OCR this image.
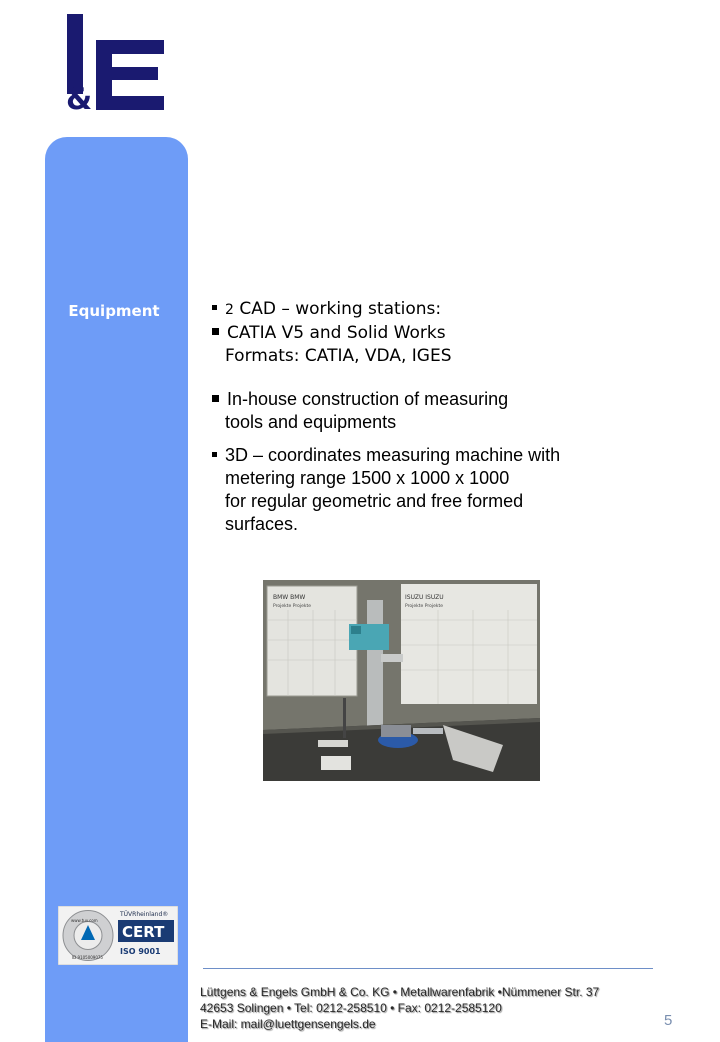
&
Equipment	2 CAD – working stations:
CATIA V5 and Solid Works
Formats: CATIA, VDA, IGES
In-house construction of measuring
tools and equipments
3D – coordinates measuring machine with
metering range 1500 x 1000 x 1000
for regular geometric and free formed
surfaces.
BMW BMW
Projekte Projekte
ISUZU ISUZU
Projekte Projekte
www.tuv.com
ID 9105009075
TÜVRheinland®
CERT
ISO 9001
Lüttgens & Engels GmbH & Co. KG • Metallwarenfabrik •Nümmener Str. 37
42653 Solingen • Tel: 0212-258510 • Fax: 0212-2585120
E-Mail: mail@luettgensengels.de	5
